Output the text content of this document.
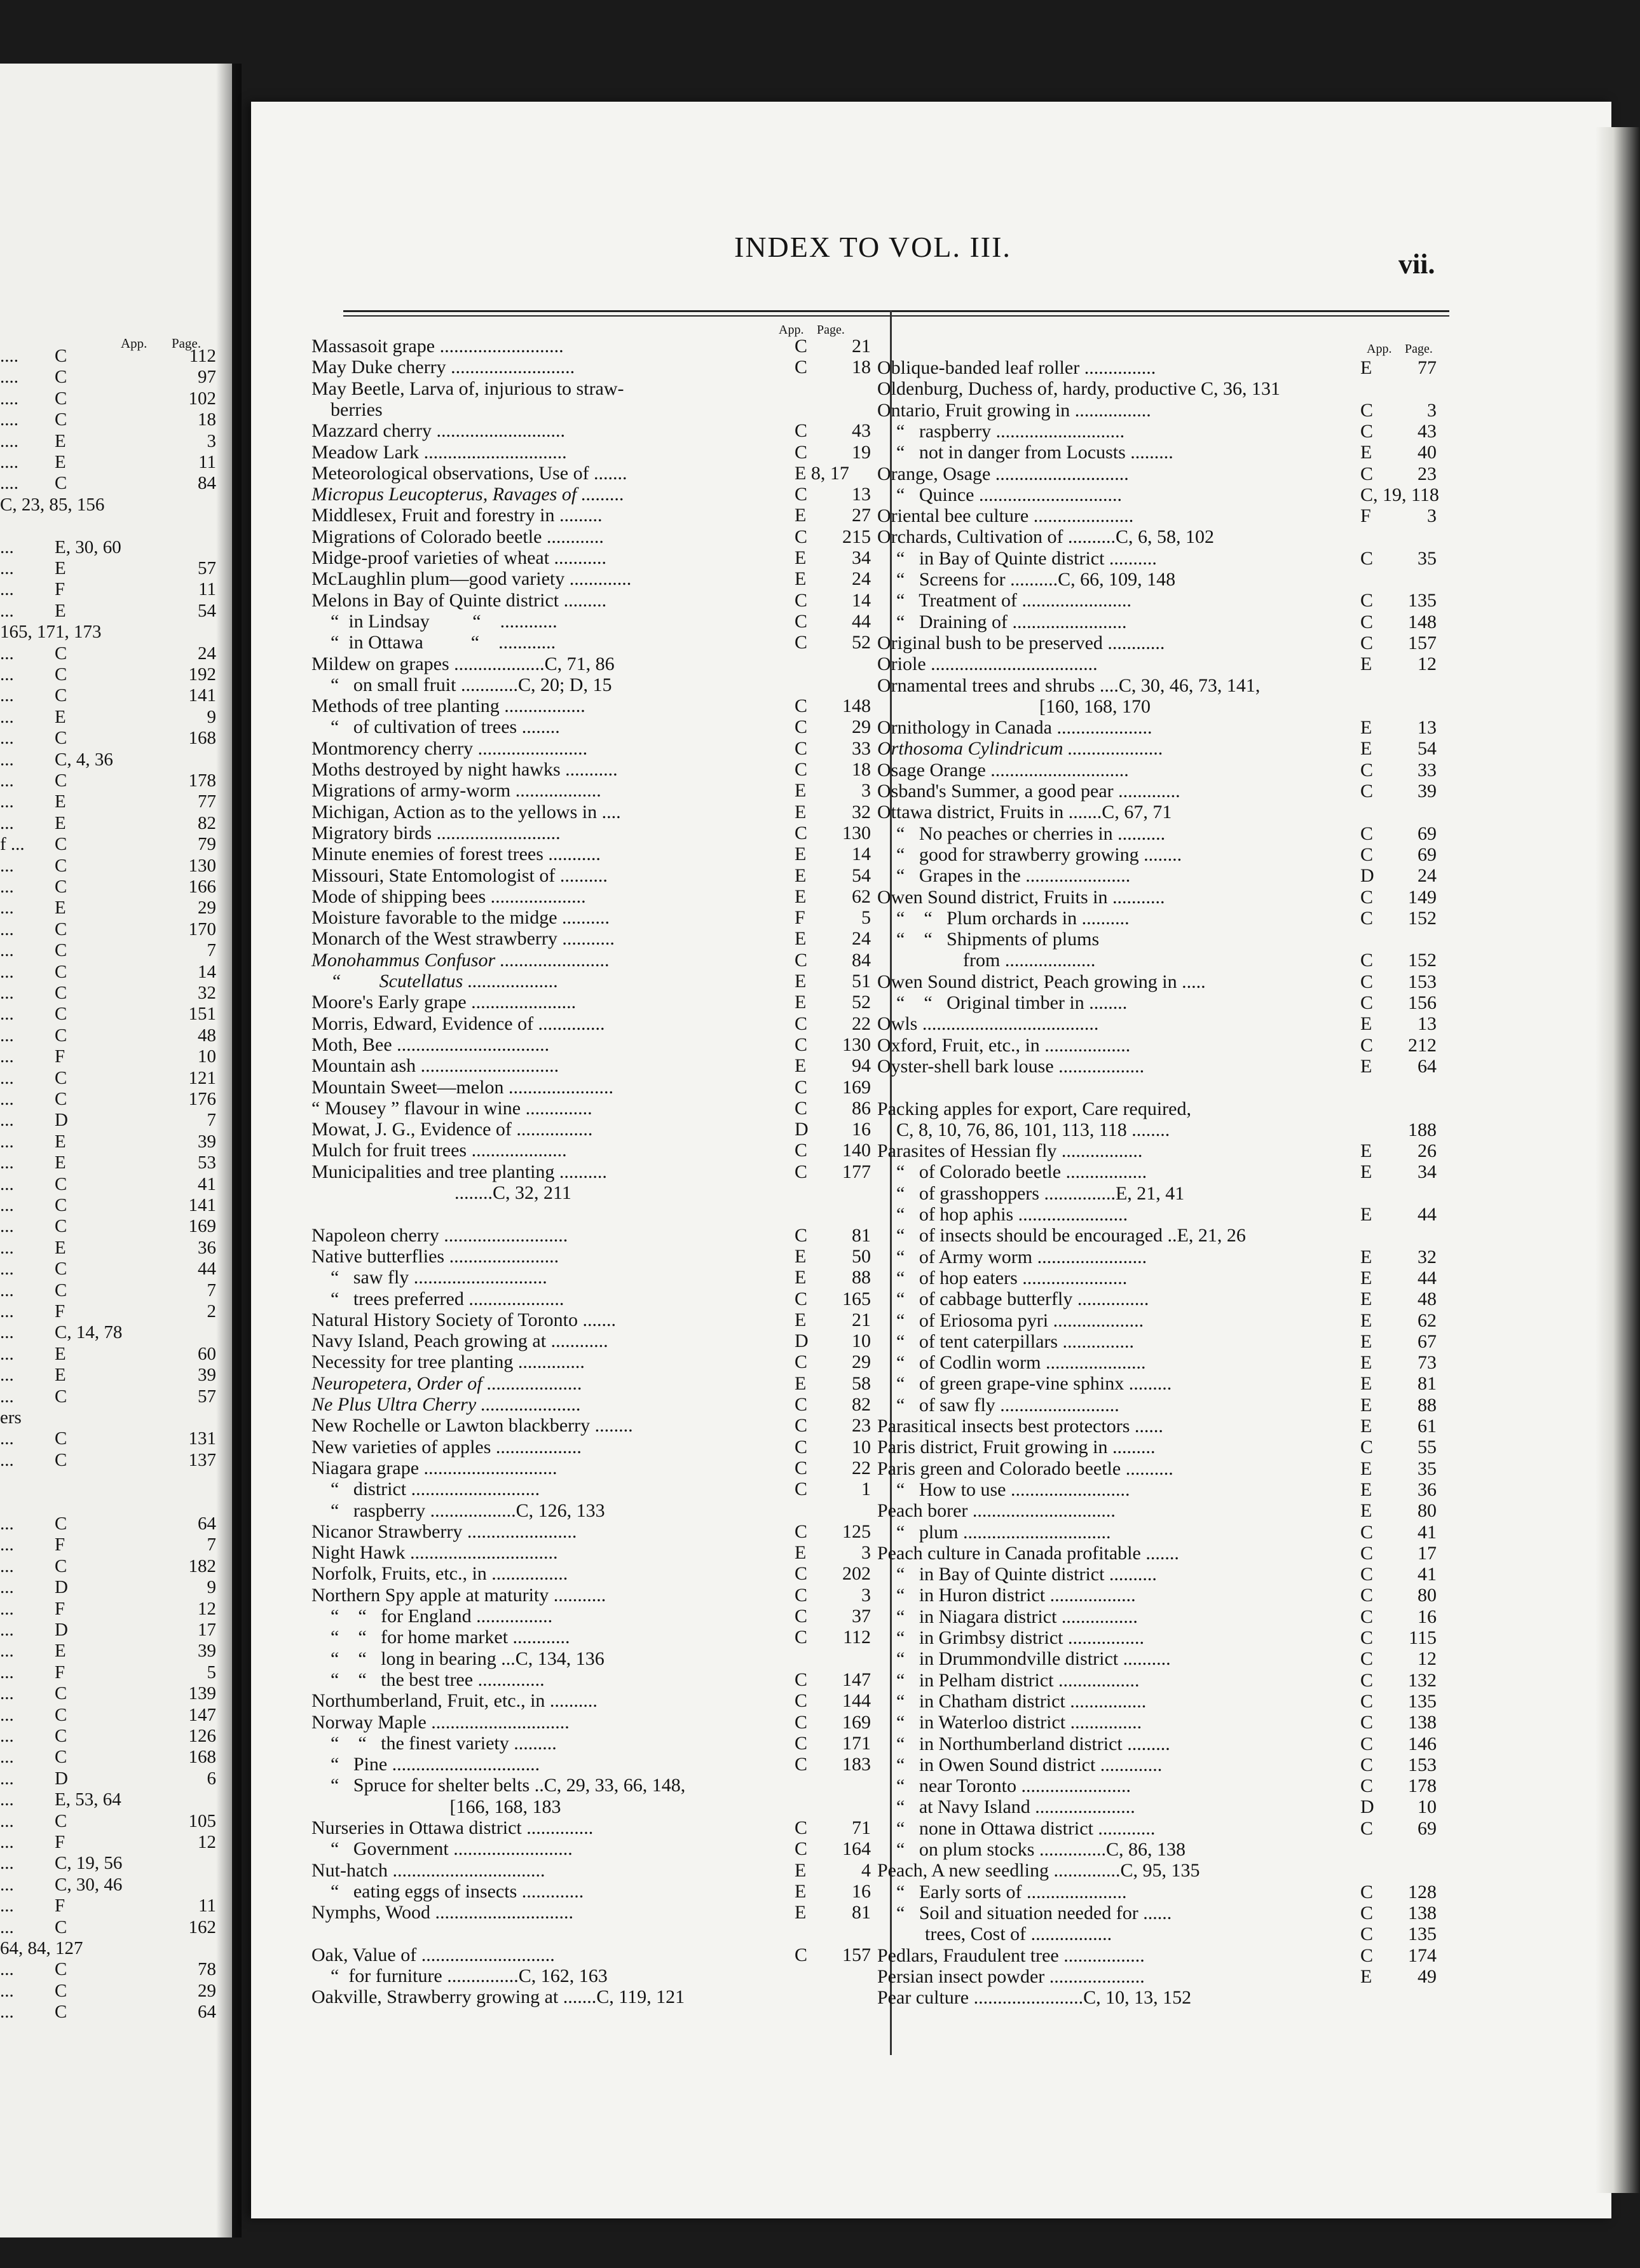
App. Page.
.... C	112
.... C	97
.... C	102
.... C	18
.... E	3
.... E	11
.... C	84
C, 23, 85, 156
... E, 30, 60
... E	57
... F	11
... E	54
165, 171, 173
... C	24
... C	192
... C	141
... E	9
... C	168
... C, 4, 36
... C	178
... E	77
... E	82
f ... C	79
... C	130
... C	166
... E	29
... C	170
... C	7
... C	14
... C	32
... C	151
... C	48
... F	10
... C	121
... C	176
... D	7
... E	39
... E	53
... C	41
... C	141
... C	169
... E	36
... C	44
... C	7
... F	2
... C, 14, 78
... E	60
... E	39
... C	57
ers
... C	131
... C	137
... C	64
... F	7
... C	182
... D	9
... F	12
... D	17
... E	39
... F	5
... C	139
... C	147
... C	126
... C	168
... D	6
... E, 53, 64
... C	105
... F	12
... C, 19, 56
... C, 30, 46
... F	11
... C	162
64, 84, 127
... C	78
... C	29
... C	64
INDEX TO VOL. III.
vii.
App. Page.
App. Page.
Massasoit grape ..........................	C 21
May Duke cherry ..........................	C 18
May Beetle, Larva of, injurious to straw-
berries
Mazzard cherry ...........................	C 43
Meadow Lark ..............................	C 19
Meteorological observations, Use of .......	E 8, 17
Micropus Leucopterus, Ravages of .........	C 13
Middlesex, Fruit and forestry in .........	E 27
Migrations of Colorado beetle ............	C 215
Midge-proof varieties of wheat ...........	E 34
McLaughlin plum—good variety .............	E 24
Melons in Bay of Quinte district .........	C 14
“  in Lindsay         “    ............	C 44
“  in Ottawa          “    ............	C 52
Mildew on grapes ...................C, 71, 86
“   on small fruit ............C, 20; D, 15
Methods of tree planting .................	C 148
“   of cultivation of trees ........	C 29
Montmorency cherry .......................	C 33
Moths destroyed by night hawks ...........	C 18
Migrations of army-worm ..................	E	3
Michigan, Action as to the yellows in ....	E 32
Migratory birds ..........................	C 130
Minute enemies of forest trees ...........	E 14
Missouri, State Entomologist of ..........	E 54
Mode of shipping bees ....................	E 62
Moisture favorable to the midge ..........	F	5
Monarch of the West strawberry ...........	E 24
Monohammus Confusor .......................	C 84
“        Scutellatus ...................	E 51
Moore's Early grape ......................	E 52
Morris, Edward, Evidence of ..............	C 22
Moth, Bee ................................	C 130
Mountain ash .............................	E 94
Mountain Sweet—melon ......................	C 169
“ Mousey ” flavour in wine ..............	C 86
Mowat, J. G., Evidence of ................	D 16
Mulch for fruit trees ....................	C 140
Municipalities and tree planting ..........	C 177
........C, 32, 211
Napoleon cherry ..........................	C 81
Native butterflies .......................	E 50
“   saw fly ............................	E 88
“   trees preferred ....................	C 165
Natural History Society of Toronto .......	E 21
Navy Island, Peach growing at ............	D 10
Necessity for tree planting ..............	C 29
Neuropetera, Order of ....................	E 58
Ne Plus Ultra Cherry .....................	C 82
New Rochelle or Lawton blackberry ........	C 23
New varieties of apples ..................	C 10
Niagara grape ............................	C 22
“   district ...........................	C	1
“   raspberry ..................C, 126, 133
Nicanor Strawberry .......................	C 125
Night Hawk ...............................	E	3
Norfolk, Fruits, etc., in ................	C 202
Northern Spy apple at maturity ...........	C	3
“    “   for England ................	C 37
“    “   for home market ............	C 112
“    “   long in bearing ...C, 134, 136
“    “   the best tree ..............	C 147
Northumberland, Fruit, etc., in ..........	C 144
Norway Maple .............................	C 169
“    “   the finest variety .........	C 171
“   Pine ...............................	C 183
“   Spruce for shelter belts ..C, 29, 33, 66, 148,
[166, 168, 183
Nurseries in Ottawa district ..............	C 71
“   Government .........................	C 164
Nut-hatch ................................	E	4
“   eating eggs of insects .............	E 16
Nymphs, Wood .............................	E 81
Oak, Value of ............................	C 157
“  for furniture ...............C, 162, 163
Oakville, Strawberry growing at .......C, 119, 121
Oblique-banded leaf roller ...............	E 77
Oldenburg, Duchess of, hardy, productive C, 36, 131
Ontario, Fruit growing in ................	C	3
“   raspberry ...........................	C 43
“   not in danger from Locusts .........	E 40
Orange, Osage ............................	C 23
“   Quince ..............................	C, 19, 118
Oriental bee culture .....................	F	3
Orchards, Cultivation of ..........C, 6, 58, 102
“   in Bay of Quinte district ..........	C 35
“   Screens for ..........C, 66, 109, 148
“   Treatment of .......................	C 135
“   Draining of ........................	C 148
Original bush to be preserved ............	C 157
Oriole ...................................	E 12
Ornamental trees and shrubs ....C, 30, 46, 73, 141,
[160, 168, 170
Ornithology in Canada ....................	E 13
Orthosoma Cylindricum ....................	E 54
Osage Orange .............................	C 33
Osband's Summer, a good pear .............	C 39
Ottawa district, Fruits in .......C, 67, 71
“   No peaches or cherries in ..........	C 69
“   good for strawberry growing ........	C 69
“   Grapes in the ......................	D 24
Owen Sound district, Fruits in ...........	C 149
“    “   Plum orchards in ..........	C 152
“    “   Shipments of plums
from ...................	C 152
Owen Sound district, Peach growing in .....	C 153
“    “   Original timber in ........	C 156
Owls .....................................	E 13
Oxford, Fruit, etc., in ..................	C 212
Oyster-shell bark louse ..................	E 64
Packing apples for export, Care required,
C, 8, 10, 76, 86, 101, 113, 118 ........	188
Parasites of Hessian fly .................	E 26
“   of Colorado beetle .................	E 34
“   of grasshoppers ...............E, 21, 41
“   of hop aphis .......................	E 44
“   of insects should be encouraged ..E, 21, 26
“   of Army worm .......................	E 32
“   of hop eaters ......................	E 44
“   of cabbage butterfly ...............	E 48
“   of Eriosoma pyri ...................	E 62
“   of tent caterpillars ...............	E 67
“   of Codlin worm .....................	E 73
“   of green grape-vine sphinx .........	E 81
“   of saw fly .........................	E 88
Parasitical insects best protectors ......	E 61
Paris district, Fruit growing in .........	C 55
Paris green and Colorado beetle ..........	E 35
“   How to use .........................	E 36
Peach borer ..............................	E 80
“   plum ...............................	C 41
Peach culture in Canada profitable .......	C 17
“   in Bay of Quinte district ..........	C 41
“   in Huron district ..................	C 80
“   in Niagara district ................	C 16
“   in Grimbsy district ................	C 115
“   in Drummondville district ..........	C 12
“   in Pelham district .................	C 132
“   in Chatham district ................	C 135
“   in Waterloo district ...............	C 138
“   in Northumberland district .........	C 146
“   in Owen Sound district .............	C 153
“   near Toronto .......................	C 178
“   at Navy Island .....................	D 10
“   none in Ottawa district ............	C 69
“   on plum stocks ..............C, 86, 138
Peach, A new seedling ..............C, 95, 135
“   Early sorts of .....................	C 128
“   Soil and situation needed for ......	C 138
trees, Cost of .................	C 135
Pedlars, Fraudulent tree .................	C 174
Persian insect powder ....................	E 49
Pear culture .......................C, 10, 13, 152
